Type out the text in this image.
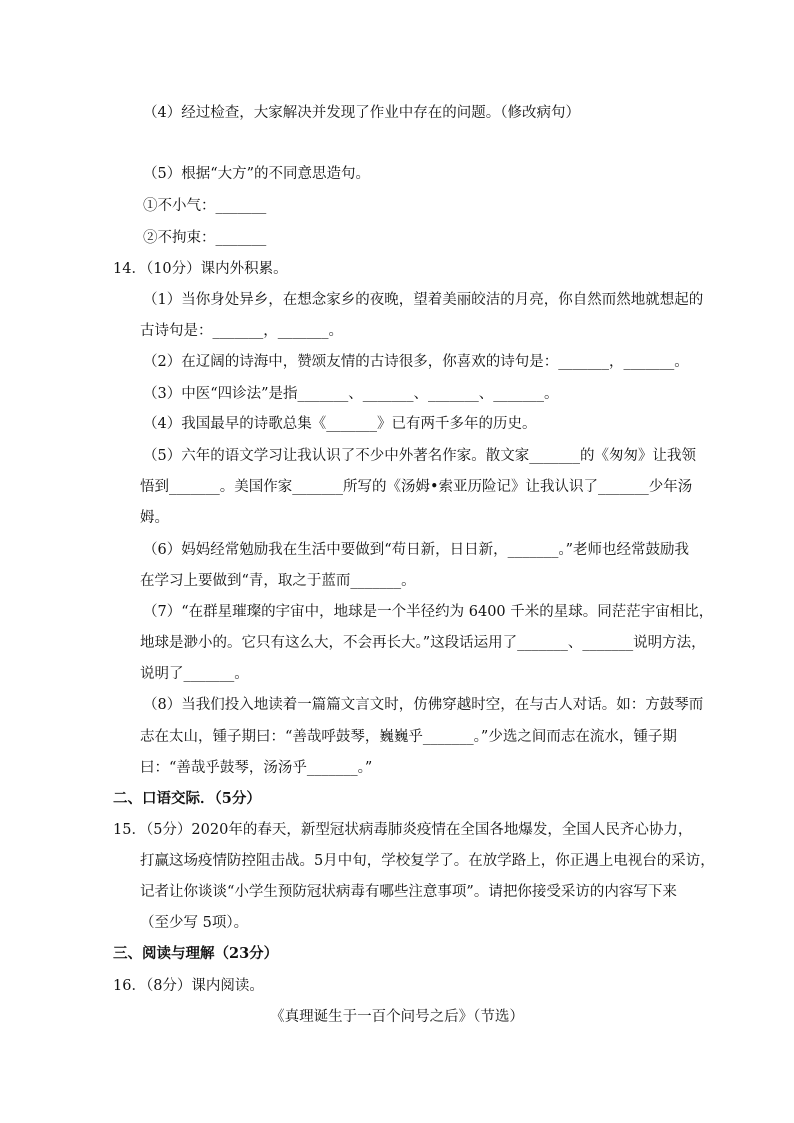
（4）经过检查，大家解决并发现了作业中存在的问题。（修改病句）
（5）根据“大方”的不同意思造句。
①不小气：_______
②不拘束：_______
14．（10分）课内外积累。
（1）当你身处异乡，在想念家乡的夜晚，望着美丽皎洁的月亮，你自然而然地就想起的
古诗句是：_______，_______。
（2）在辽阔的诗海中，赞颂友情的古诗很多，你喜欢的诗句是：_______，_______。
（3）中医“四诊法”是指_______、_______、_______、_______。
（4）我国最早的诗歌总集《_______》已有两千多年的历史。
（5）六年的语文学习让我认识了不少中外著名作家。散文家_______的《匆匆》让我领
悟到_______。美国作家_______所写的《汤姆•索亚历险记》让我认识了_______少年汤
姆。
（6）妈妈经常勉励我在生活中要做到“苟日新，日日新，_______。”老师也经常鼓励我
在学习上要做到“青，取之于蓝而_______。
（7）“在群星璀璨的宇宙中，地球是一个半径约为 6400 千米的星球。同茫茫宇宙相比，
地球是渺小的。它只有这么大，不会再长大。”这段话运用了_______、_______说明方法，
说明了_______。
（8）当我们投入地读着一篇篇文言文时，仿佛穿越时空，在与古人对话。如：方鼓琴而
志在太山，锺子期曰：“善哉呼鼓琴，巍巍乎_______。”少选之间而志在流水，锺子期
曰：“善哉乎鼓琴，汤汤乎_______。”
二、口语交际．（5分）
15．（5分）2020年的春天，新型冠状病毒肺炎疫情在全国各地爆发，全国人民齐心协力，
打赢这场疫情防控阻击战。5月中旬，学校复学了。在放学路上，你正遇上电视台的采访，
记者让你谈谈“小学生预防冠状病毒有哪些注意事项”。请把你接受采访的内容写下来
（至少写 5项）。
三、阅读与理解（23分）
16．（8分）课内阅读。
《真理诞生于一百个问号之后》（节选）
